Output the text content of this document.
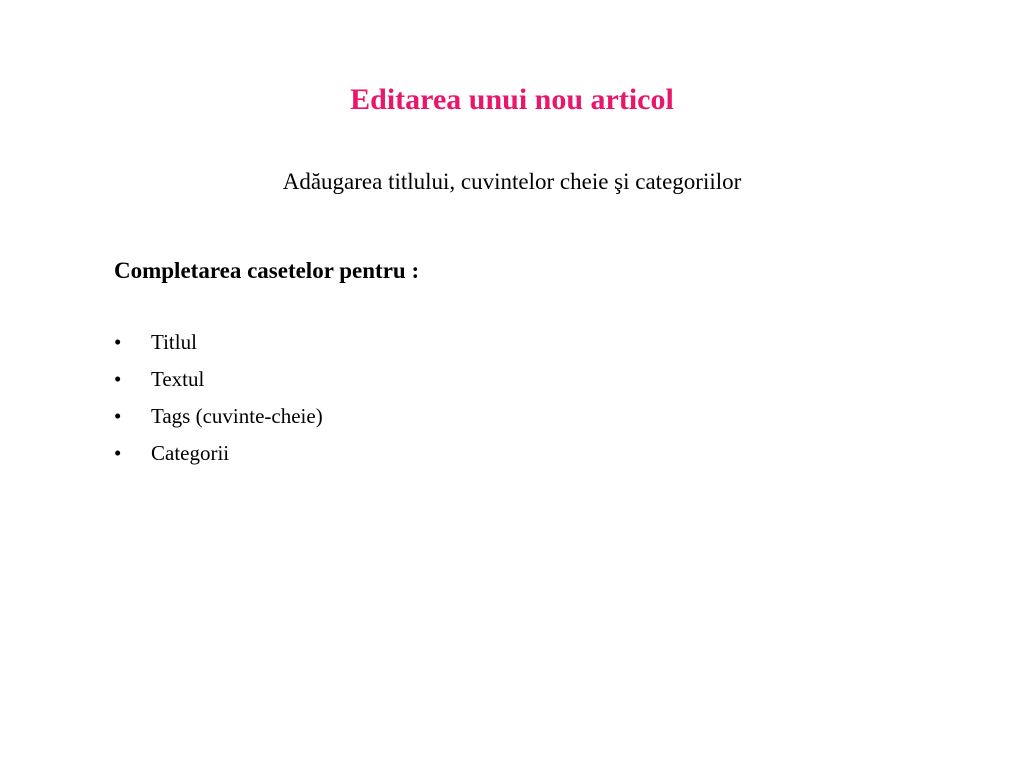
Editarea unui nou articol
Adăugarea titlului, cuvintelor cheie şi categoriilor
Completarea casetelor pentru :
•	Titlul
•	Textul
•	Tags (cuvinte-cheie)
•	Categorii
